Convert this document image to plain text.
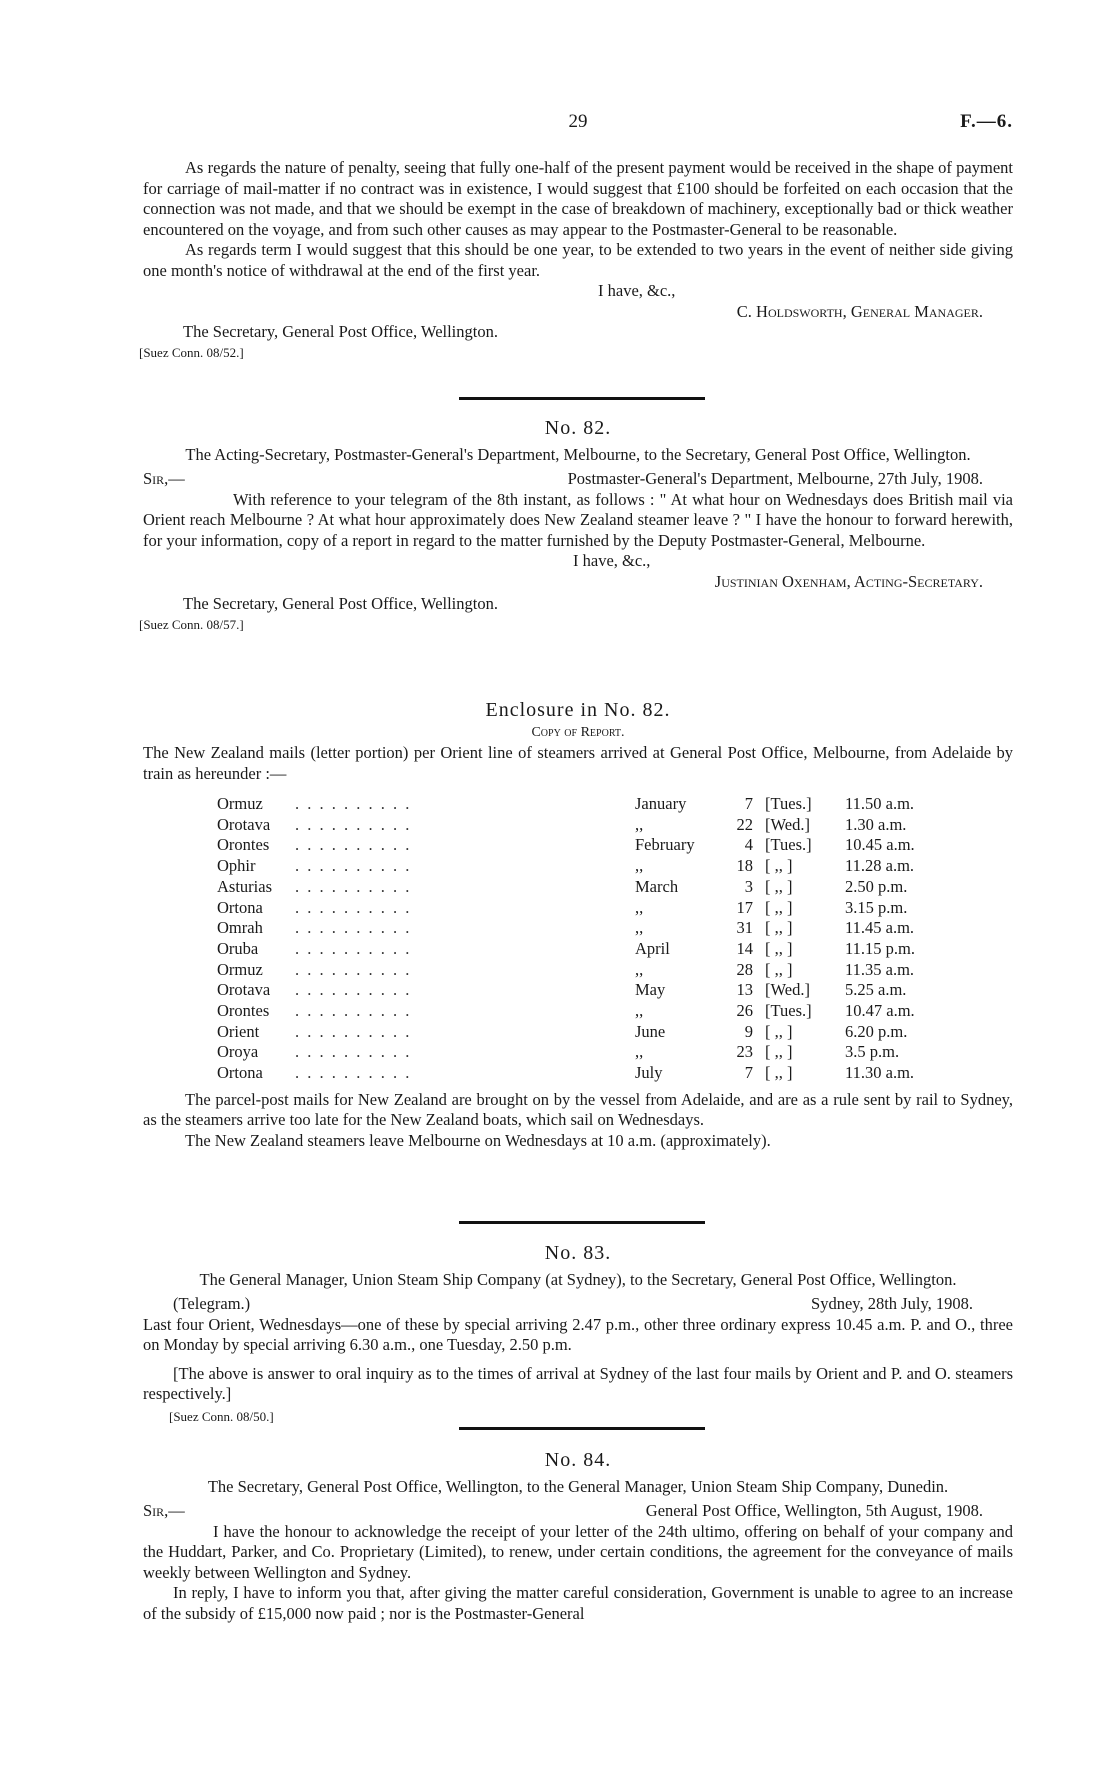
29	F.—6.

As regards the nature of penalty, seeing that fully one-half of the present payment would be received in the shape of payment for carriage of mail-matter if no contract was in existence, I would suggest that £100 should be forfeited on each occasion that the connection was not made, and that we should be exempt in the case of breakdown of machinery, exceptionally bad or thick weather encountered on the voyage, and from such other causes as may appear to the Postmaster-General to be reasonable.

As regards term I would suggest that this should be one year, to be extended to two years in the event of neither side giving one month's notice of withdrawal at the end of the first year.

I have, &c.,
C. Holdsworth, General Manager.
The Secretary, General Post Office, Wellington.
[Suez Conn. 08/52.]
No. 82.
The Acting-Secretary, Postmaster-General's Department, Melbourne, to the Secretary, General Post Office, Wellington.
Sir,—	Postmaster-General's Department, Melbourne, 27th July, 1908.

With reference to your telegram of the 8th instant, as follows : " At what hour on Wednesdays does British mail via Orient reach Melbourne ? At what hour approximately does New Zealand steamer leave ? " I have the honour to forward herewith, for your information, copy of a report in regard to the matter furnished by the Deputy Postmaster-General, Melbourne.

I have, &c.,
Justinian Oxenham, Acting-Secretary.
The Secretary, General Post Office, Wellington.
[Suez Conn. 08/57.]
Enclosure in No. 82.
Copy of Report.

The New Zealand mails (letter portion) per Orient line of steamers arrived at General Post Office, Melbourne, from Adelaide by train as hereunder :—

Ormuz	. . . . . . . . . .	January	7	[Tues.]	11.50 a.m.
Orotava	. . . . . . . . . .	,,	22	[Wed.]	1.30 a.m.
Orontes	. . . . . . . . . .	February	4	[Tues.]	10.45 a.m.
Ophir	. . . . . . . . . .	,,	18	[ ,, ]	11.28 a.m.
Asturias	. . . . . . . . . .	March	3	[ ,, ]	2.50 p.m.
Ortona	. . . . . . . . . .	,,	17	[ ,, ]	3.15 p.m.
Omrah	. . . . . . . . . .	,,	31	[ ,, ]	11.45 a.m.
Oruba	. . . . . . . . . .	April	14	[ ,, ]	11.15 p.m.
Ormuz	. . . . . . . . . .	,,	28	[ ,, ]	11.35 a.m.
Orotava	. . . . . . . . . .	May	13	[Wed.]	5.25 a.m.
Orontes	. . . . . . . . . .	,,	26	[Tues.]	10.47 a.m.
Orient	. . . . . . . . . .	June	9	[ ,, ]	6.20 p.m.
Oroya	. . . . . . . . . .	,,	23	[ ,, ]	3.5 p.m.
Ortona	. . . . . . . . . .	July	7	[ ,, ]	11.30 a.m.

The parcel-post mails for New Zealand are brought on by the vessel from Adelaide, and are as a rule sent by rail to Sydney, as the steamers arrive too late for the New Zealand boats, which sail on Wednesdays.

The New Zealand steamers leave Melbourne on Wednesdays at 10 a.m. (approximately).

No. 83.
The General Manager, Union Steam Ship Company (at Sydney), to the Secretary, General Post Office, Wellington.
(Telegram.)	Sydney, 28th July, 1908.

Last four Orient, Wednesdays—one of these by special arriving 2.47 p.m., other three ordinary express 10.45 a.m. P. and O., three on Monday by special arriving 6.30 a.m., one Tuesday, 2.50 p.m.

[The above is answer to oral inquiry as to the times of arrival at Sydney of the last four mails by Orient and P. and O. steamers respectively.]

[Suez Conn. 08/50.]
No. 84.
The Secretary, General Post Office, Wellington, to the General Manager, Union Steam Ship Company, Dunedin.
Sir,—	General Post Office, Wellington, 5th August, 1908.

I have the honour to acknowledge the receipt of your letter of the 24th ultimo, offering on behalf of your company and the Huddart, Parker, and Co. Proprietary (Limited), to renew, under certain conditions, the agreement for the conveyance of mails weekly between Wellington and Sydney.

In reply, I have to inform you that, after giving the matter careful consideration, Government is unable to agree to an increase of the subsidy of £15,000 now paid ; nor is the Postmaster-General
